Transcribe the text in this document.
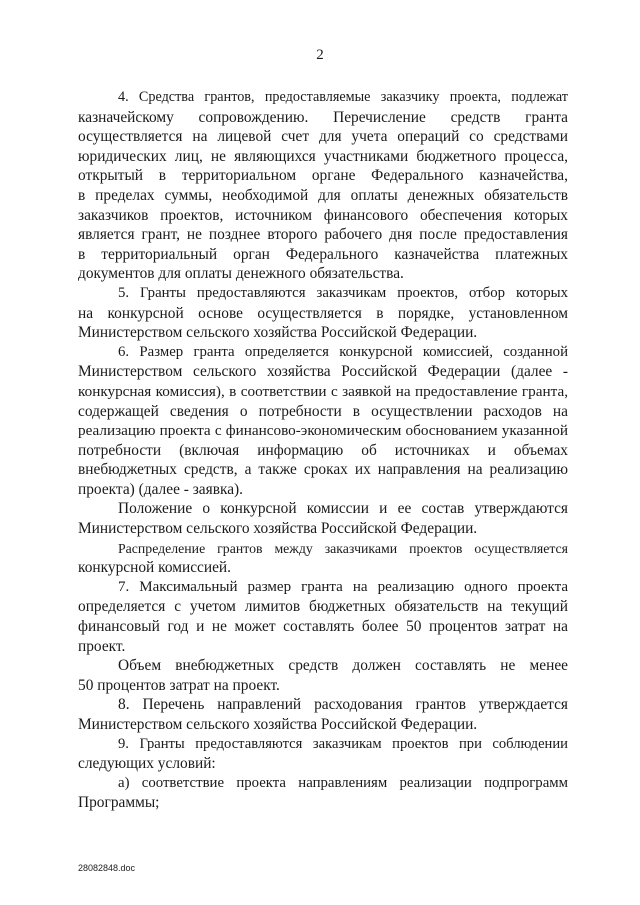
2
4. Средства грантов, предоставляемые заказчику проекта, подлежат
казначейскому сопровождению. Перечисление средств гранта
осуществляется на лицевой счет для учета операций со средствами
юридических лиц, не являющихся участниками бюджетного процесса,
открытый в территориальном органе Федерального казначейства,
в пределах суммы, необходимой для оплаты денежных обязательств
заказчиков проектов, источником финансового обеспечения которых
является грант, не позднее второго рабочего дня после предоставления
в территориальный орган Федерального казначейства платежных
документов для оплаты денежного обязательства.
5. Гранты предоставляются заказчикам проектов, отбор которых
на конкурсной основе осуществляется в порядке, установленном
Министерством сельского хозяйства Российской Федерации.
6. Размер гранта определяется конкурсной комиссией, созданной
Министерством сельского хозяйства Российской Федерации (далее -
конкурсная комиссия), в соответствии с заявкой на предоставление гранта,
содержащей сведения о потребности в осуществлении расходов на
реализацию проекта с финансово-экономическим обоснованием указанной
потребности (включая информацию об источниках и объемах
внебюджетных средств, а также сроках их направления на реализацию
проекта) (далее - заявка).
Положение о конкурсной комиссии и ее состав утверждаются
Министерством сельского хозяйства Российской Федерации.
Распределение грантов между заказчиками проектов осуществляется
конкурсной комиссией.
7. Максимальный размер гранта на реализацию одного проекта
определяется с учетом лимитов бюджетных обязательств на текущий
финансовый год и не может составлять более 50 процентов затрат на
проект.
Объем внебюджетных средств должен составлять не менее
50 процентов затрат на проект.
8. Перечень направлений расходования грантов утверждается
Министерством сельского хозяйства Российской Федерации.
9. Гранты предоставляются заказчикам проектов при соблюдении
следующих условий:
а) соответствие проекта направлениям реализации подпрограмм
Программы;
28082848.doc
